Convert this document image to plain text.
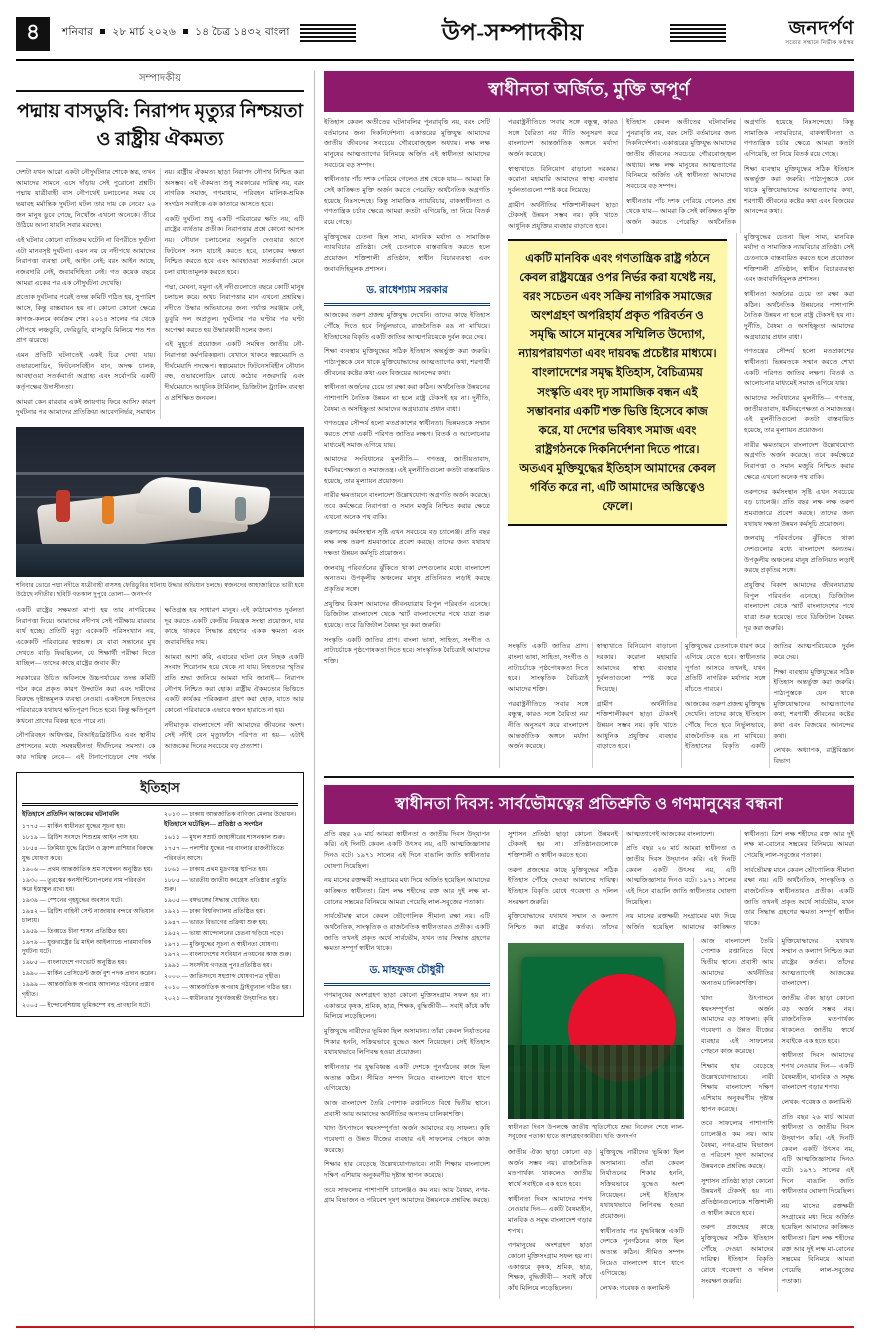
৪	শনিবার ২৮ মার্চ ২০২৬ ১৪ চৈত্র ১৪৩২ বাংলা	উপ-সম্পাদকীয়	জনদর্পণ
সত্যের সন্ধানে নির্ভীক কণ্ঠস্বর
সম্পাদকীয়
পদ্মায় বাসডুবি: নিরাপদ মৃত্যুর নিশ্চয়তা ও রাষ্ট্রীয় ঐকমত্য

দেশটা যখন আরো একটা নৌদুর্ঘটনার শোকে স্তব্ধ, তখন আমাদের সামনে এসে দাঁড়ায় সেই পুরোনো প্রশ্নটি। পদ্মায় যাত্রীবাহী বাস নৌপথেই চলাচলের সময় যে ভয়াবহ মর্মান্তিক দুর্ঘটনা ঘটল তার দায় কে নেবে? ২৬ জন মানুষ ডুবে গেছে, নিখোঁজ এখনো অনেকে। তীরে উঠিয়ে আনা যায়নি সবার মরদেহ।

এই ঘটনার কোনো ব্যতিক্রম ঘটেনি না বিপরীতে দুর্ঘটনা এটা মানবসৃষ্ট দুর্ঘটনা। এমন নয় যে নদীপথে আমাদের নিরাপত্তা ব্যবস্থা নেই, আইন নেই; বরং আইন আছে, নজরদারি নেই, জবাবদিহিতা নেই। গত কয়েক বছরে আমরা একের পর এক নৌদুর্ঘটনা দেখেছি।

প্রত্যেক দুর্ঘটনার পরেই তদন্ত কমিটি গঠিত হয়, সুপারিশ আসে, কিন্তু বাস্তবায়ন হয় না। কোনো কোনো ক্ষেত্রে কাগজ-কলমে কার্যক্রম শেষ। ২০১৪ সালের পর থেকে নৌপথে লঞ্চডুবি, ফেরিডুবি, বাসডুবি মিলিয়ে শত শত প্রাণ ঝরেছে।

এমন প্রতিটি ঘটনাতেই একই চিত্র দেখা যায়। ওভারলোডিং, ফিটনেসবিহীন যান, অদক্ষ চালক, আবহাওয়া সতর্কবার্তা অগ্রাহ্য এবং সর্বোপরি একটি কর্তৃপক্ষের উদাসীনতা।

আমরা কেন বারবার একই জায়গায় ফিরে আসি? কারণ দুর্ঘটনার পর আমাদের প্রতিক্রিয়া আবেগনির্ভর, সমাধান নয়। রাষ্ট্রীয় ঐকমত্য ছাড়া নিরাপদ নৌপথ নিশ্চিত করা অসম্ভব। এই ঐকমত্য শুধু সরকারের দায়িত্ব নয়, বরং নাগরিক সমাজ, গণমাধ্যম, পরিবহন মালিক-শ্রমিক সংগঠন সবাইকে এক কাতারে আসতে হবে।

একটি দুর্ঘটনা শুধু একটি পরিবারের ক্ষতি নয়, এটি রাষ্ট্রের ব্যর্থতার প্রতীক। নিরাপত্তার প্রশ্নে কোনো আপস নয়। নৌযান চলাচলের অনুমতি দেওয়ার আগে ফিটনেস সনদ যাচাই করতে হবে, চালকের দক্ষতা নিশ্চিত করতে হবে এবং আবহাওয়া সতর্কবার্তা মেনে চলা বাধ্যতামূলক করতে হবে।

পদ্মা, মেঘনা, যমুনা এই নদীগুলোতে বছরে কোটি মানুষ চলাচল করে। অথচ নিরাপত্তার মান এখনো প্রশ্নবিদ্ধ। নদীতে উদ্ধার অভিযানের জন্য পর্যাপ্ত সরঞ্জাম নেই, ডুবুরি দল অপ্রতুল। দুর্ঘটনার পর ঘণ্টার পর ঘণ্টা অপেক্ষা করতে হয় উদ্ধারকারী দলের জন্য।

এই মুহূর্তে প্রয়োজন একটি সমন্বিত জাতীয় নৌ-নিরাপত্তা কর্মপরিকল্পনা। যেখানে থাকবে স্বল্পমেয়াদি ও দীর্ঘমেয়াদি পদক্ষেপ। স্বল্পমেয়াদে ফিটনেসবিহীন নৌযান বন্ধ, ওভারলোডিং রোধে কঠোর নজরদারি এবং দীর্ঘমেয়াদে আধুনিক টার্মিনাল, ডিজিটাল ট্র্যাকিং ব্যবস্থা ও প্রশিক্ষিত জনবল।

শনিবার ভোরে পদ্মা নদীতে যাত্রীবাহী বাসসহ ফেরিডুবির ঘটনায় উদ্ধার অভিযান চলছে। স্বজনদের আহাজারিতে ভারী হয়ে উঠেছে নদীতীর। ছবিটি গতকাল দুপুরে তোলা— জনদর্পণ

একটি রাষ্ট্রের সক্ষমতা মাপা হয় তার নাগরিকের নিরাপত্তা দিয়ে। আমাদের নদীপথ সেই পরীক্ষায় বারবার ব্যর্থ হচ্ছে। প্রতিটি মৃত্যু একেকটি পরিসংখ্যান নয়, একেকটি পরিবারের স্বপ্নভঙ্গ। যে বাবা সন্তানের মুখ দেখতে বাড়ি ফিরছিলেন, যে শিক্ষার্থী পরীক্ষা দিতে যাচ্ছিল— তাদের কাছে রাষ্ট্রের জবাব কী?

সরকারের উচিত অবিলম্বে উচ্চপর্যায়ের তদন্ত কমিটি গঠন করে প্রকৃত কারণ উদ্ঘাটন করা এবং দায়ীদের বিরুদ্ধে দৃষ্টান্তমূলক ব্যবস্থা নেওয়া। একইসঙ্গে নিহতদের পরিবারকে যথাযথ ক্ষতিপূরণ দিতে হবে। কিন্তু ক্ষতিপূরণ কখনো প্রাণের বিকল্প হতে পারে না।

নৌপরিবহন অধিদপ্তর, বিআইডব্লিউটিএ এবং স্থানীয় প্রশাসনের মধ্যে সমন্বয়হীনতা দীর্ঘদিনের সমস্যা। কে কার দায়িত্ব নেবে— এই টানাপোড়েনে শেষ পর্যন্ত ক্ষতিগ্রস্ত হয় সাধারণ মানুষ। এই কাঠামোগত দুর্বলতা দূর করতে একটি কেন্দ্রীয় নিয়ন্ত্রক সংস্থা প্রয়োজন, যার কাছে থাকবে সিদ্ধান্ত গ্রহণের একক ক্ষমতা এবং জবাবদিহির দায়।

আমরা আশা করি, এবারের ঘটনা যেন নিছক একটি সংবাদ শিরোনাম হয়ে থেকে না যায়। নিহতদের স্মৃতির প্রতি শ্রদ্ধা জানিয়ে আমরা দাবি জানাই— নিরাপদ নৌপথ নিশ্চিত করা হোক। রাষ্ট্রীয় ঐকমত্যের ভিত্তিতে একটি কার্যকর পরিকল্পনা গ্রহণ করা হোক, যাতে আর কোনো পরিবারকে এভাবে স্বজন হারাতে না হয়।

নদীমাতৃক বাংলাদেশে নদী আমাদের জীবনের অংশ। সেই নদীই যেন মৃত্যুফাঁদে পরিণত না হয়— এটাই আজকের দিনের সবচেয়ে বড় প্রত্যাশা।

ইতিহাস
ইতিহাসে প্রতিদিন আজকের ঘটনাবলি
১৭৭৫ — মার্কিন স্বাধীনতা যুদ্ধের সূচনা হয়।
১৮১৯ — ব্রিটিশ সংসদে শিশুশ্রম আইন পাস হয়।
১৮৫৪ — ক্রিমিয়া যুদ্ধে ব্রিটেন ও ফ্রান্স রাশিয়ার বিরুদ্ধে যুদ্ধ ঘোষণা করে।
১৯০৬ — প্রথম আন্তর্জাতিক শ্রম সম্মেলন অনুষ্ঠিত হয়।
১৯৩০ — তুরস্কের কনস্টান্টিনোপলের নাম পরিবর্তন করে ইস্তাম্বুল রাখা হয়।
১৯৩৯ — স্পেনের গৃহযুদ্ধের অবসান ঘটে।
১৯৪২ — ব্রিটিশ বাহিনী সেন্ট নাজায়ার বন্দরে অভিযান চালায়।
১৯৫৯ — তিব্বতে চীনা শাসন প্রতিষ্ঠিত হয়।
১৯৭৯ — যুক্তরাষ্ট্রের থ্রি মাইল আইল্যান্ডে পারমাণবিক দুর্ঘটনা ঘটে।
১৯৮৫ — বাংলাদেশে গণভোট অনুষ্ঠিত হয়।
১৯৯০ — মার্কিন প্রেসিডেন্ট জর্জ বুশ পদক প্রদান করেন।
১৯৯৯ — আন্তর্জাতিক অপরাধ আদালত গঠনের প্রস্তাব গৃহীত।
২০০৫ — ইন্দোনেশিয়ায় ভূমিকম্পে বহু প্রাণহানি ঘটে।
২০১৩ — ঢাকায় আন্তর্জাতিক বাণিজ্য মেলার উদ্বোধন।
ইতিহাসে ঘটেছিল— প্রতিষ্ঠা ও সংগঠন
১৬১১ — মুঘল সম্রাট জাহাঙ্গীরের শাসনকাল শুরু।
১৭৫৭ — পলাশীর যুদ্ধের পর বাংলার রাজনীতিতে পরিবর্তন আসে।
১৮৬১ — ঢাকায় প্রথম মুদ্রণযন্ত্র স্থাপিত হয়।
১৮৮৫ — ভারতীয় জাতীয় কংগ্রেস প্রতিষ্ঠার প্রস্তুতি শুরু।
১৯০৫ — বঙ্গভঙ্গের সিদ্ধান্ত ঘোষিত হয়।
১৯২১ — ঢাকা বিশ্ববিদ্যালয় প্রতিষ্ঠিত হয়।
১৯৪৭ — ভারত বিভাগের প্রক্রিয়া শুরু হয়।
১৯৫২ — ভাষা আন্দোলনের চেতনা ছড়িয়ে পড়ে।
১৯৭১ — মুক্তিযুদ্ধের সূচনা ও স্বাধীনতা ঘোষণা।
১৯৭২ — বাংলাদেশের সংবিধান প্রণয়নের কাজ শুরু।
১৯৯১ — সংসদীয় গণতন্ত্র পুনঃপ্রতিষ্ঠিত হয়।
২০০০ — জাতিসংঘে সহস্রাব্দ ঘোষণাপত্র গৃহীত।
২০১০ — আন্তর্জাতিক অপরাধ ট্রাইব্যুনাল গঠিত হয়।
২০২১ — স্বাধীনতার সুবর্ণজয়ন্তী উদ্‌যাপিত হয়।
স্বাধীনতা অর্জিত, মুক্তি অপূর্ণ

ইতিহাস কেবল অতীতের ঘটনাবলির পুনরাবৃত্তি নয়, বরং সেটি বর্তমানের জন্য দিকনির্দেশনা। একাত্তরের মুক্তিযুদ্ধ আমাদের জাতীয় জীবনের সবচেয়ে গৌরবোজ্জ্বল অধ্যায়। লক্ষ লক্ষ মানুষের আত্মত্যাগের বিনিময়ে অর্জিত এই স্বাধীনতা আমাদের সবচেয়ে বড় সম্পদ।

স্বাধীনতার পাঁচ দশক পেরিয়ে গেলেও প্রশ্ন থেকে যায়— আমরা কি সেই কাঙ্ক্ষিত মুক্তি অর্জন করতে পেরেছি? অর্থনৈতিক অগ্রগতি হয়েছে নিঃসন্দেহে। কিন্তু সামাজিক ন্যায়বিচার, বাকস্বাধীনতা ও গণতান্ত্রিক চর্চার ক্ষেত্রে আমরা কতটা এগিয়েছি, তা নিয়ে বিতর্ক রয়ে গেছে।

মুক্তিযুদ্ধের চেতনা ছিল সাম্য, মানবিক মর্যাদা ও সামাজিক ন্যায়বিচার প্রতিষ্ঠা। সেই চেতনাকে বাস্তবায়িত করতে হলে প্রয়োজন শক্তিশালী প্রতিষ্ঠান, স্বাধীন বিচারব্যবস্থা এবং জবাবদিহিমূলক প্রশাসন।

ড. রাধেশ্যাম সরকার

আজকের তরুণ প্রজন্ম মুক্তিযুদ্ধ দেখেনি। তাদের কাছে ইতিহাস পৌঁছে দিতে হবে নির্ভুলভাবে, রাজনৈতিক রঙ না মাখিয়ে। ইতিহাসের বিকৃতি একটি জাতির আত্মপরিচয়কে দুর্বল করে দেয়।

শিক্ষা ব্যবস্থায় মুক্তিযুদ্ধের সঠিক ইতিহাস অন্তর্ভুক্ত করা জরুরি। পাঠ্যপুস্তকে যেন থাকে মুক্তিযোদ্ধাদের আত্মত্যাগের কথা, শরণার্থী জীবনের কষ্টের কথা এবং বিজয়ের আনন্দের কথা।

স্বাধীনতা অর্জনের চেয়ে তা রক্ষা করা কঠিন। অর্থনৈতিক উন্নয়নের পাশাপাশি নৈতিক উন্নয়ন না হলে রাষ্ট্র টেকসই হয় না। দুর্নীতি, বৈষম্য ও অসহিষ্ণুতা আমাদের অগ্রযাত্রার প্রধান বাধা।

গণতন্ত্রের সৌন্দর্য হলো মতপ্রকাশের স্বাধীনতা। ভিন্নমতকে সম্মান করতে শেখা একটি পরিণত জাতির লক্ষণ। বিতর্ক ও আলোচনার মাধ্যমেই সমাজ এগিয়ে যায়।

আমাদের সংবিধানের মূলনীতি— গণতন্ত্র, জাতীয়তাবাদ, ধর্মনিরপেক্ষতা ও সমাজতন্ত্র। এই মূলনীতিগুলো কতটা বাস্তবায়িত হয়েছে, তার মূল্যায়ন প্রয়োজন।

নারীর ক্ষমতায়নে বাংলাদেশ উল্লেখযোগ্য অগ্রগতি অর্জন করেছে। তবে কর্মক্ষেত্রে নিরাপত্তা ও সমান মজুরি নিশ্চিত করার ক্ষেত্রে এখনো অনেক পথ বাকি।

তরুণদের কর্মসংস্থান সৃষ্টি এখন সবচেয়ে বড় চ্যালেঞ্জ। প্রতি বছর লক্ষ লক্ষ তরুণ শ্রমবাজারে প্রবেশ করছে। তাদের জন্য যথাযথ দক্ষতা উন্নয়ন কর্মসূচি প্রয়োজন।

জলবায়ু পরিবর্তনের ঝুঁকিতে থাকা দেশগুলোর মধ্যে বাংলাদেশ অন্যতম। উপকূলীয় অঞ্চলের মানুষ প্রতিনিয়ত লড়াই করছে প্রকৃতির সঙ্গে।

প্রযুক্তির বিকাশ আমাদের জীবনযাত্রায় বিপুল পরিবর্তন এনেছে। ডিজিটাল বাংলাদেশ থেকে স্মার্ট বাংলাদেশের পথে যাত্রা শুরু হয়েছে। তবে ডিজিটাল বৈষম্য দূর করা জরুরি।

সংস্কৃতি একটি জাতির প্রাণ। বাংলা ভাষা, সাহিত্য, সংগীত ও নাট্যচর্চাকে পৃষ্ঠপোষকতা দিতে হবে। সাংস্কৃতিক বৈচিত্র্যই আমাদের শক্তি।

পররাষ্ট্রনীতিতে 'সবার সঙ্গে বন্ধুত্ব, কারও সঙ্গে বৈরিতা নয়' নীতি অনুসরণ করে বাংলাদেশ আন্তর্জাতিক অঙ্গনে মর্যাদা অর্জন করেছে।

স্বাস্থ্যখাতে বিনিয়োগ বাড়ানো দরকার। করোনা মহামারি আমাদের স্বাস্থ্য ব্যবস্থার দুর্বলতাগুলো স্পষ্ট করে দিয়েছে।

গ্রামীণ অর্থনীতির শক্তিশালীকরণ ছাড়া টেকসই উন্নয়ন সম্ভব নয়। কৃষি খাতে আধুনিক প্রযুক্তির ব্যবহার বাড়াতে হবে।

ইতিহাস কেবল অতীতের ঘটনাবলির পুনরাবৃত্তি নয়, বরং সেটি বর্তমানের জন্য দিকনির্দেশনা। একাত্তরের মুক্তিযুদ্ধ আমাদের জাতীয় জীবনের সবচেয়ে গৌরবোজ্জ্বল অধ্যায়। লক্ষ লক্ষ মানুষের আত্মত্যাগের বিনিময়ে অর্জিত এই স্বাধীনতা আমাদের সবচেয়ে বড় সম্পদ।

স্বাধীনতার পাঁচ দশক পেরিয়ে গেলেও প্রশ্ন থেকে যায়— আমরা কি সেই কাঙ্ক্ষিত মুক্তি অর্জন করতে পেরেছি? অর্থনৈতিক অগ্রগতি হয়েছে নিঃসন্দেহে। কিন্তু সামাজিক ন্যায়বিচার, বাকস্বাধীনতা ও গণতান্ত্রিক চর্চার ক্ষেত্রে আমরা কতটা এগিয়েছি, তা নিয়ে বিতর্ক রয়ে গেছে।

শিক্ষা ব্যবস্থায় মুক্তিযুদ্ধের সঠিক ইতিহাস অন্তর্ভুক্ত করা জরুরি। পাঠ্যপুস্তকে যেন থাকে মুক্তিযোদ্ধাদের আত্মত্যাগের কথা, শরণার্থী জীবনের কষ্টের কথা এবং বিজয়ের আনন্দের কথা।

একটি মানবিক এবং গণতান্ত্রিক রাষ্ট্র গঠনে কেবল রাষ্ট্রযন্ত্রের ওপর নির্ভর করা যথেষ্ট নয়, বরং সচেতন এবং সক্রিয় নাগরিক সমাজের অংশগ্রহণ অপরিহার্য প্রকৃত পরিবর্তন ও সমৃদ্ধি আসে মানুষের সম্মিলিত উদ্যোগ, ন্যায়পরায়ণতা এবং দায়বদ্ধ প্রচেষ্টার মাধ্যমে। বাংলাদেশের সমৃদ্ধ ইতিহাস, বৈচিত্র্যময় সংস্কৃতি এবং দৃঢ় সামাজিক বন্ধন এই সম্ভাবনার একটি শক্ত ভিত্তি হিসেবে কাজ করে, যা দেশের ভবিষ্যৎ সমাজ এবং রাষ্ট্রগঠনকে দিকনির্দেশনা দিতে পারে। অতএব মুক্তিযুদ্ধের ইতিহাস আমাদের কেবল গর্বিত করে না, এটি আমাদের অস্তিত্বেও ফেলে।

মুক্তিযুদ্ধের চেতনা ছিল সাম্য, মানবিক মর্যাদা ও সামাজিক ন্যায়বিচার প্রতিষ্ঠা। সেই চেতনাকে বাস্তবায়িত করতে হলে প্রয়োজন শক্তিশালী প্রতিষ্ঠান, স্বাধীন বিচারব্যবস্থা এবং জবাবদিহিমূলক প্রশাসন।

স্বাধীনতা অর্জনের চেয়ে তা রক্ষা করা কঠিন। অর্থনৈতিক উন্নয়নের পাশাপাশি নৈতিক উন্নয়ন না হলে রাষ্ট্র টেকসই হয় না। দুর্নীতি, বৈষম্য ও অসহিষ্ণুতা আমাদের অগ্রযাত্রার প্রধান বাধা।

গণতন্ত্রের সৌন্দর্য হলো মতপ্রকাশের স্বাধীনতা। ভিন্নমতকে সম্মান করতে শেখা একটি পরিণত জাতির লক্ষণ। বিতর্ক ও আলোচনার মাধ্যমেই সমাজ এগিয়ে যায়।

আমাদের সংবিধানের মূলনীতি— গণতন্ত্র, জাতীয়তাবাদ, ধর্মনিরপেক্ষতা ও সমাজতন্ত্র। এই মূলনীতিগুলো কতটা বাস্তবায়িত হয়েছে, তার মূল্যায়ন প্রয়োজন।

নারীর ক্ষমতায়নে বাংলাদেশ উল্লেখযোগ্য অগ্রগতি অর্জন করেছে। তবে কর্মক্ষেত্রে নিরাপত্তা ও সমান মজুরি নিশ্চিত করার ক্ষেত্রে এখনো অনেক পথ বাকি।

তরুণদের কর্মসংস্থান সৃষ্টি এখন সবচেয়ে বড় চ্যালেঞ্জ। প্রতি বছর লক্ষ লক্ষ তরুণ শ্রমবাজারে প্রবেশ করছে। তাদের জন্য যথাযথ দক্ষতা উন্নয়ন কর্মসূচি প্রয়োজন।

জলবায়ু পরিবর্তনের ঝুঁকিতে থাকা দেশগুলোর মধ্যে বাংলাদেশ অন্যতম। উপকূলীয় অঞ্চলের মানুষ প্রতিনিয়ত লড়াই করছে প্রকৃতির সঙ্গে।

প্রযুক্তির বিকাশ আমাদের জীবনযাত্রায় বিপুল পরিবর্তন এনেছে। ডিজিটাল বাংলাদেশ থেকে স্মার্ট বাংলাদেশের পথে যাত্রা শুরু হয়েছে। তবে ডিজিটাল বৈষম্য দূর করা জরুরি।

সংস্কৃতি একটি জাতির প্রাণ। বাংলা ভাষা, সাহিত্য, সংগীত ও নাট্যচর্চাকে পৃষ্ঠপোষকতা দিতে হবে। সাংস্কৃতিক বৈচিত্র্যই আমাদের শক্তি।

পররাষ্ট্রনীতিতে 'সবার সঙ্গে বন্ধুত্ব, কারও সঙ্গে বৈরিতা নয়' নীতি অনুসরণ করে বাংলাদেশ আন্তর্জাতিক অঙ্গনে মর্যাদা অর্জন করেছে।

স্বাস্থ্যখাতে বিনিয়োগ বাড়ানো দরকার। করোনা মহামারি আমাদের স্বাস্থ্য ব্যবস্থার দুর্বলতাগুলো স্পষ্ট করে দিয়েছে।

গ্রামীণ অর্থনীতির শক্তিশালীকরণ ছাড়া টেকসই উন্নয়ন সম্ভব নয়। কৃষি খাতে আধুনিক প্রযুক্তির ব্যবহার বাড়াতে হবে।

মুক্তিযুদ্ধের চেতনাকে ধারণ করে এগিয়ে যেতে হবে। স্বাধীনতার পূর্ণতা আসবে তখনই, যখন প্রতিটি নাগরিক মর্যাদার সঙ্গে বাঁচতে পারবে।

আজকের তরুণ প্রজন্ম মুক্তিযুদ্ধ দেখেনি। তাদের কাছে ইতিহাস পৌঁছে দিতে হবে নির্ভুলভাবে, রাজনৈতিক রঙ না মাখিয়ে। ইতিহাসের বিকৃতি একটি জাতির আত্মপরিচয়কে দুর্বল করে দেয়।

শিক্ষা ব্যবস্থায় মুক্তিযুদ্ধের সঠিক ইতিহাস অন্তর্ভুক্ত করা জরুরি। পাঠ্যপুস্তকে যেন থাকে মুক্তিযোদ্ধাদের আত্মত্যাগের কথা, শরণার্থী জীবনের কষ্টের কথা এবং বিজয়ের আনন্দের কথা।

লেখক: অধ্যাপক, রাষ্ট্রবিজ্ঞান বিভাগ

স্বাধীনতা দিবস: সার্বভৌমত্বের প্রতিশ্রুতি ও গণমানুষের বন্ধনা

প্রতি বছর ২৬ মার্চ আমরা স্বাধীনতা ও জাতীয় দিবস উদ্‌যাপন করি। এই দিনটি কেবল একটি উৎসব নয়, এটি আত্মজিজ্ঞাসার দিনও বটে। ১৯৭১ সালের এই দিনে বাঙালি জাতি স্বাধীনতার ঘোষণা দিয়েছিল।

নয় মাসের রক্তক্ষয়ী সংগ্রামের মধ্য দিয়ে অর্জিত হয়েছিল আমাদের কাঙ্ক্ষিত স্বাধীনতা। ত্রিশ লক্ষ শহীদের রক্ত আর দুই লক্ষ মা-বোনের সম্ভ্রমের বিনিময়ে আমরা পেয়েছি লাল-সবুজের পতাকা।

সার্বভৌমত্ব মানে কেবল ভৌগোলিক সীমানা রক্ষা নয়। এটি অর্থনৈতিক, সাংস্কৃতিক ও রাজনৈতিক স্বাধীনতারও প্রতীক। একটি জাতি তখনই প্রকৃত অর্থে সার্বভৌম, যখন তার সিদ্ধান্ত গ্রহণের ক্ষমতা সম্পূর্ণ স্বাধীন থাকে।

ড. মাহফুজ চৌধুরী

গণমানুষের অংশগ্রহণ ছাড়া কোনো মুক্তিসংগ্রাম সফল হয় না। একাত্তরে কৃষক, শ্রমিক, ছাত্র, শিক্ষক, বুদ্ধিজীবী— সবাই কাঁধে কাঁধ মিলিয়ে লড়েছিলেন।

মুক্তিযুদ্ধে নারীদের ভূমিকা ছিল অসামান্য। তাঁরা কেবল নির্যাতনের শিকার হননি, সক্রিয়ভাবে যুদ্ধেও অংশ নিয়েছেন। সেই ইতিহাস যথাযথভাবে লিপিবদ্ধ হওয়া প্রয়োজন।

স্বাধীনতার পর যুদ্ধবিধ্বস্ত একটি দেশকে পুনর্গঠনের কাজ ছিল অত্যন্ত কঠিন। সীমিত সম্পদ নিয়েও বাংলাদেশ ধাপে ধাপে এগিয়েছে।

আজ বাংলাদেশ তৈরি পোশাক রপ্তানিতে বিশ্বে দ্বিতীয় স্থানে। প্রবাসী আয় আমাদের অর্থনীতির অন্যতম চালিকাশক্তি।

খাদ্য উৎপাদনে স্বয়ংসম্পূর্ণতা অর্জন আমাদের বড় সাফল্য। কৃষি গবেষণা ও উন্নত বীজের ব্যবহার এই সাফল্যের পেছনে কাজ করেছে।

শিক্ষার হার বেড়েছে উল্লেখযোগ্যভাবে। নারী শিক্ষায় বাংলাদেশ দক্ষিণ এশিয়ায় অনুকরণীয় দৃষ্টান্ত স্থাপন করেছে।

তবে সাফল্যের পাশাপাশি চ্যালেঞ্জও কম নয়। আয় বৈষম্য, নগর-গ্রাম বিভাজন ও পরিবেশ দূষণ আমাদের উন্নয়নকে প্রশ্নবিদ্ধ করছে।

সুশাসন প্রতিষ্ঠা ছাড়া কোনো উন্নয়নই টেকসই হয় না। প্রতিষ্ঠানগুলোকে শক্তিশালী ও স্বাধীন করতে হবে।

তরুণ প্রজন্মের কাছে মুক্তিযুদ্ধের সঠিক ইতিহাস পৌঁছে দেওয়া আমাদের দায়িত্ব। ইতিহাস বিকৃতি রোধে গবেষণা ও দলিল সংরক্ষণ জরুরি।

মুক্তিযোদ্ধাদের যথাযথ সম্মান ও কল্যাণ নিশ্চিত করা রাষ্ট্রের কর্তব্য। তাঁদের আত্মত্যাগেই আজকের বাংলাদেশ।

প্রতি বছর ২৬ মার্চ আমরা স্বাধীনতা ও জাতীয় দিবস উদ্‌যাপন করি। এই দিনটি কেবল একটি উৎসব নয়, এটি আত্মজিজ্ঞাসার দিনও বটে। ১৯৭১ সালের এই দিনে বাঙালি জাতি স্বাধীনতার ঘোষণা দিয়েছিল।

নয় মাসের রক্তক্ষয়ী সংগ্রামের মধ্য দিয়ে অর্জিত হয়েছিল আমাদের কাঙ্ক্ষিত স্বাধীনতা। ত্রিশ লক্ষ শহীদের রক্ত আর দুই লক্ষ মা-বোনের সম্ভ্রমের বিনিময়ে আমরা পেয়েছি লাল-সবুজের পতাকা।

সার্বভৌমত্ব মানে কেবল ভৌগোলিক সীমানা রক্ষা নয়। এটি অর্থনৈতিক, সাংস্কৃতিক ও রাজনৈতিক স্বাধীনতারও প্রতীক। একটি জাতি তখনই প্রকৃত অর্থে সার্বভৌম, যখন তার সিদ্ধান্ত গ্রহণের ক্ষমতা সম্পূর্ণ স্বাধীন থাকে।

স্বাধীনতা দিবস উপলক্ষে জাতীয় স্মৃতিসৌধে শ্রদ্ধা নিবেদন শেষে লাল-সবুজের পতাকা হাতে অংশগ্রহণকারীরা। ছবি: জনদর্পণ

জাতীয় ঐক্য ছাড়া কোনো বড় অর্জন সম্ভব নয়। রাজনৈতিক মতপার্থক্য থাকলেও জাতীয় স্বার্থে সবাইকে এক হতে হবে।

স্বাধীনতা দিবস আমাদের শপথ নেওয়ার দিন— একটি বৈষম্যহীন, মানবিক ও সমৃদ্ধ বাংলাদেশ গড়ার শপথ।

গণমানুষের অংশগ্রহণ ছাড়া কোনো মুক্তিসংগ্রাম সফল হয় না। একাত্তরে কৃষক, শ্রমিক, ছাত্র, শিক্ষক, বুদ্ধিজীবী— সবাই কাঁধে কাঁধ মিলিয়ে লড়েছিলেন।

মুক্তিযুদ্ধে নারীদের ভূমিকা ছিল অসামান্য। তাঁরা কেবল নির্যাতনের শিকার হননি, সক্রিয়ভাবে যুদ্ধেও অংশ নিয়েছেন। সেই ইতিহাস যথাযথভাবে লিপিবদ্ধ হওয়া প্রয়োজন।

স্বাধীনতার পর যুদ্ধবিধ্বস্ত একটি দেশকে পুনর্গঠনের কাজ ছিল অত্যন্ত কঠিন। সীমিত সম্পদ নিয়েও বাংলাদেশ ধাপে ধাপে এগিয়েছে।

লেখক: গবেষক ও কলামিস্ট

আজ বাংলাদেশ তৈরি পোশাক রপ্তানিতে বিশ্বে দ্বিতীয় স্থানে। প্রবাসী আয় আমাদের অর্থনীতির অন্যতম চালিকাশক্তি।

খাদ্য উৎপাদনে স্বয়ংসম্পূর্ণতা অর্জন আমাদের বড় সাফল্য। কৃষি গবেষণা ও উন্নত বীজের ব্যবহার এই সাফল্যের পেছনে কাজ করেছে।

শিক্ষার হার বেড়েছে উল্লেখযোগ্যভাবে। নারী শিক্ষায় বাংলাদেশ দক্ষিণ এশিয়ায় অনুকরণীয় দৃষ্টান্ত স্থাপন করেছে।

তবে সাফল্যের পাশাপাশি চ্যালেঞ্জও কম নয়। আয় বৈষম্য, নগর-গ্রাম বিভাজন ও পরিবেশ দূষণ আমাদের উন্নয়নকে প্রশ্নবিদ্ধ করছে।

সুশাসন প্রতিষ্ঠা ছাড়া কোনো উন্নয়নই টেকসই হয় না। প্রতিষ্ঠানগুলোকে শক্তিশালী ও স্বাধীন করতে হবে।

তরুণ প্রজন্মের কাছে মুক্তিযুদ্ধের সঠিক ইতিহাস পৌঁছে দেওয়া আমাদের দায়িত্ব। ইতিহাস বিকৃতি রোধে গবেষণা ও দলিল সংরক্ষণ জরুরি।

মুক্তিযোদ্ধাদের যথাযথ সম্মান ও কল্যাণ নিশ্চিত করা রাষ্ট্রের কর্তব্য। তাঁদের আত্মত্যাগেই আজকের বাংলাদেশ।

জাতীয় ঐক্য ছাড়া কোনো বড় অর্জন সম্ভব নয়। রাজনৈতিক মতপার্থক্য থাকলেও জাতীয় স্বার্থে সবাইকে এক হতে হবে।

স্বাধীনতা দিবস আমাদের শপথ নেওয়ার দিন— একটি বৈষম্যহীন, মানবিক ও সমৃদ্ধ বাংলাদেশ গড়ার শপথ।

লেখক: গবেষক ও কলামিস্ট

প্রতি বছর ২৬ মার্চ আমরা স্বাধীনতা ও জাতীয় দিবস উদ্‌যাপন করি। এই দিনটি কেবল একটি উৎসব নয়, এটি আত্মজিজ্ঞাসার দিনও বটে। ১৯৭১ সালের এই দিনে বাঙালি জাতি স্বাধীনতার ঘোষণা দিয়েছিল।

নয় মাসের রক্তক্ষয়ী সংগ্রামের মধ্য দিয়ে অর্জিত হয়েছিল আমাদের কাঙ্ক্ষিত স্বাধীনতা। ত্রিশ লক্ষ শহীদের রক্ত আর দুই লক্ষ মা-বোনের সম্ভ্রমের বিনিময়ে আমরা পেয়েছি লাল-সবুজের পতাকা।
